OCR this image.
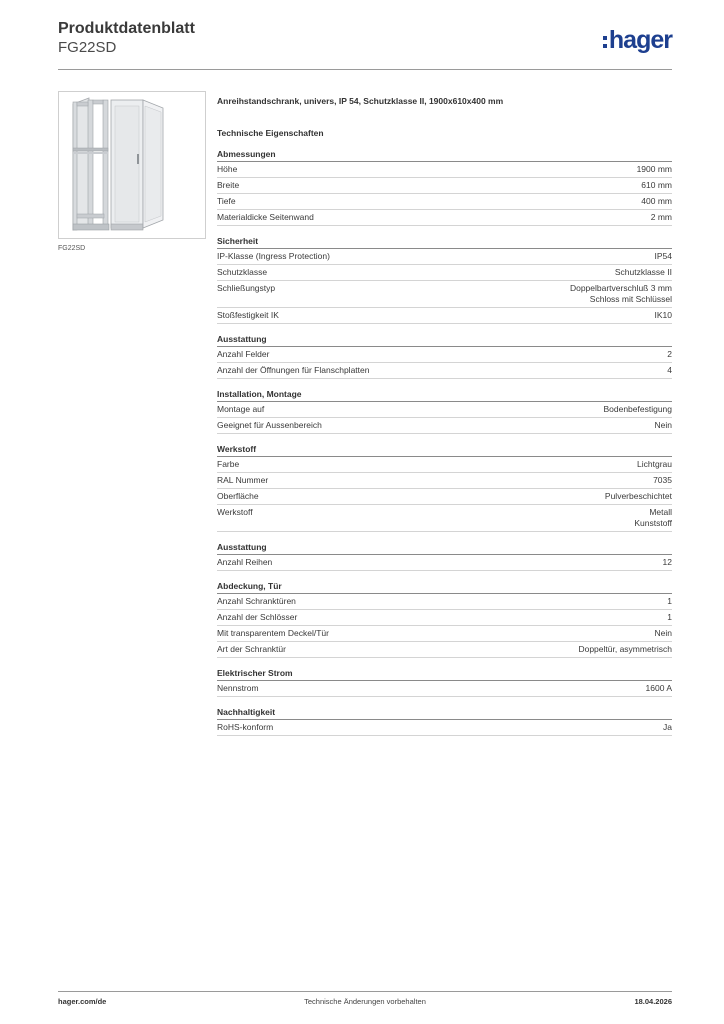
Produktdatenblatt
FG22SD	hager
FG22SD
Anreihstandschrank, univers, IP 54, Schutzklasse II, 1900x610x400 mm
Technische Eigenschaften
Abmessungen
Höhe	1900 mm
Breite	610 mm
Tiefe	400 mm
Materialdicke Seitenwand	2 mm
Sicherheit
IP-Klasse (Ingress Protection)	IP54
Schutzklasse	Schutzklasse II
Schließungstyp	Doppelbartverschluß 3 mm
Schloss mit Schlüssel
Stoßfestigkeit IK	IK10
Ausstattung
Anzahl Felder	2
Anzahl der Öffnungen für Flanschplatten	4
Installation, Montage
Montage auf	Bodenbefestigung
Geeignet für Aussenbereich	Nein
Werkstoff
Farbe	Lichtgrau
RAL Nummer	7035
Oberfläche	Pulverbeschichtet
Werkstoff	Metall
Kunststoff
Ausstattung
Anzahl Reihen	12
Abdeckung, Tür
Anzahl Schranktüren	1
Anzahl der Schlösser	1
Mit transparentem Deckel/Tür	Nein
Art der Schranktür	Doppeltür, asymmetrisch
Elektrischer Strom
Nennstrom	1600 A
Nachhaltigkeit
RoHS-konform	Ja
hager.com/de	Technische Änderungen vorbehalten	18.04.2026
